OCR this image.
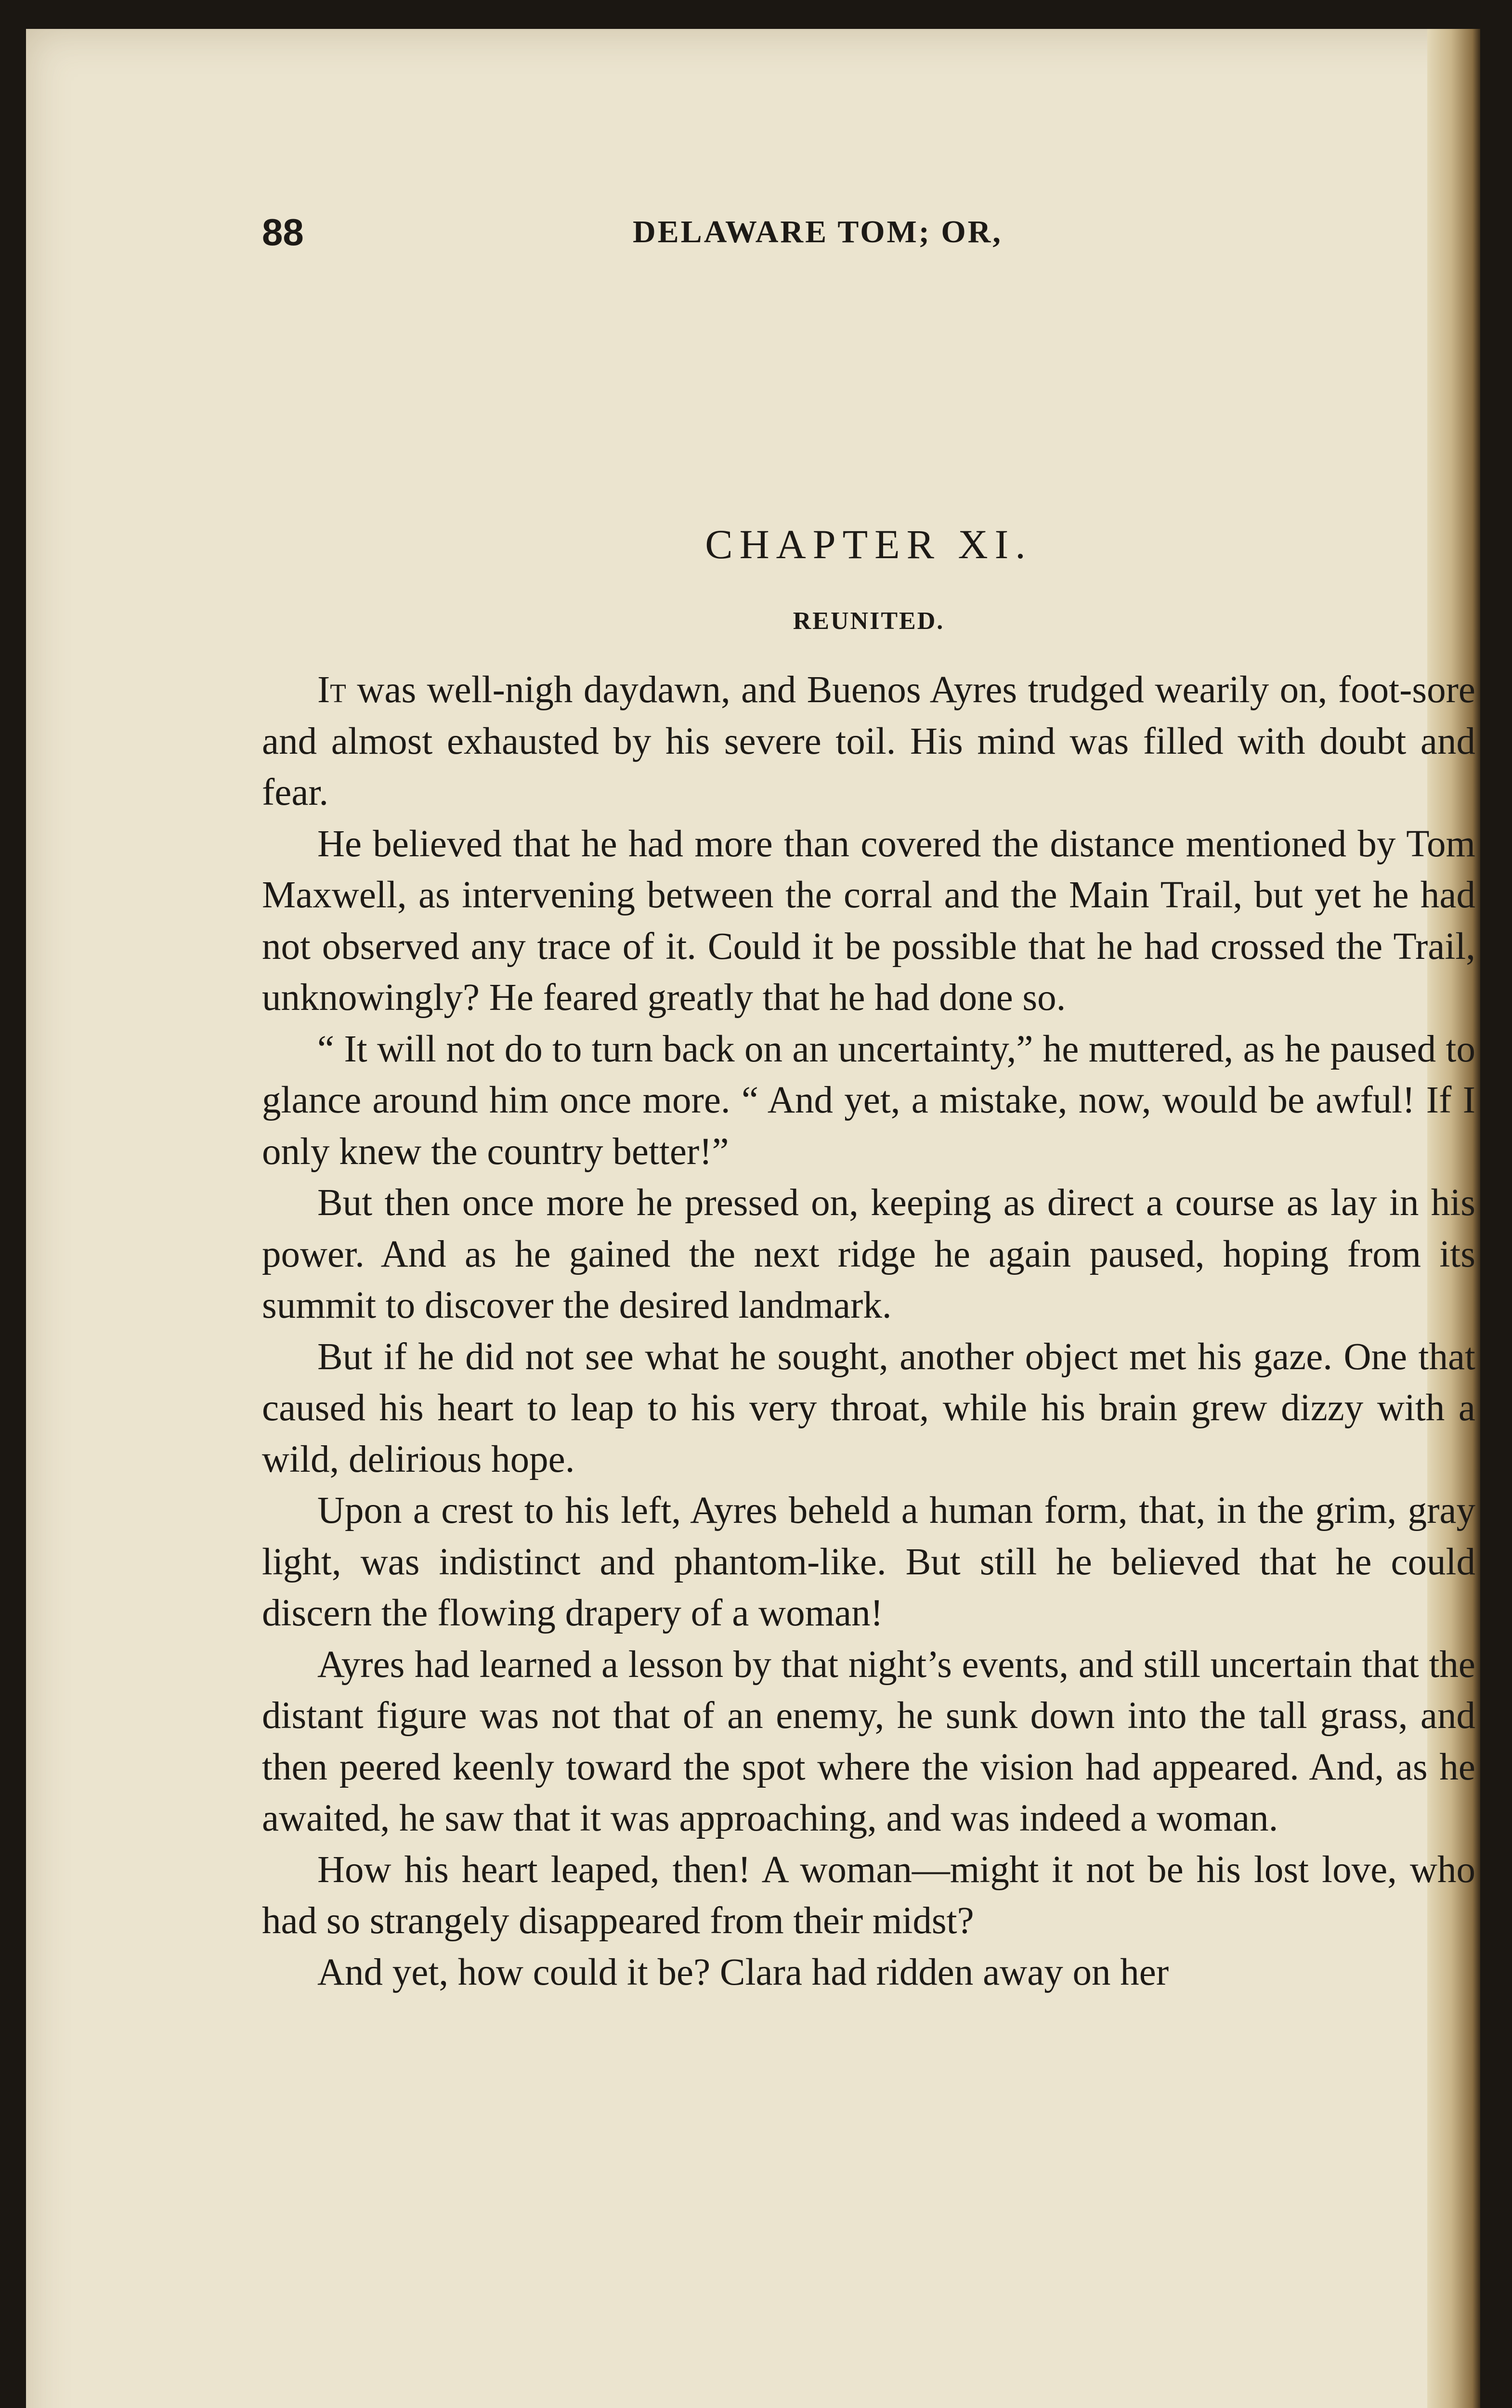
88	DELAWARE TOM; OR,
CHAPTER XI.
REUNITED.

It was well-nigh daydawn, and Buenos Ayres trudged wearily on, foot-sore and almost exhausted by his severe toil. His mind was filled with doubt and fear.

He believed that he had more than covered the distance mentioned by Tom Maxwell, as intervening between the corral and the Main Trail, but yet he had not observed any trace of it. Could it be possible that he had crossed the Trail, unknowingly? He feared greatly that he had done so.

“ It will not do to turn back on an uncertainty,” he muttered, as he paused to glance around him once more. “ And yet, a mistake, now, would be awful! If I only knew the country better!”

But then once more he pressed on, keeping as direct a course as lay in his power. And as he gained the next ridge he again paused, hoping from its summit to discover the desired landmark.

But if he did not see what he sought, another object met his gaze. One that caused his heart to leap to his very throat, while his brain grew dizzy with a wild, delirious hope.

Upon a crest to his left, Ayres beheld a human form, that, in the grim, gray light, was indistinct and phantom-like. But still he believed that he could discern the flowing drapery of a woman!

Ayres had learned a lesson by that night’s events, and still uncertain that the distant figure was not that of an enemy, he sunk down into the tall grass, and then peered keenly toward the spot where the vision had appeared. And, as he awaited, he saw that it was approaching, and was indeed a woman.

How his heart leaped, then! A woman—might it not be his lost love, who had so strangely disappeared from their midst?

And yet, how could it be? Clara had ridden away on her
